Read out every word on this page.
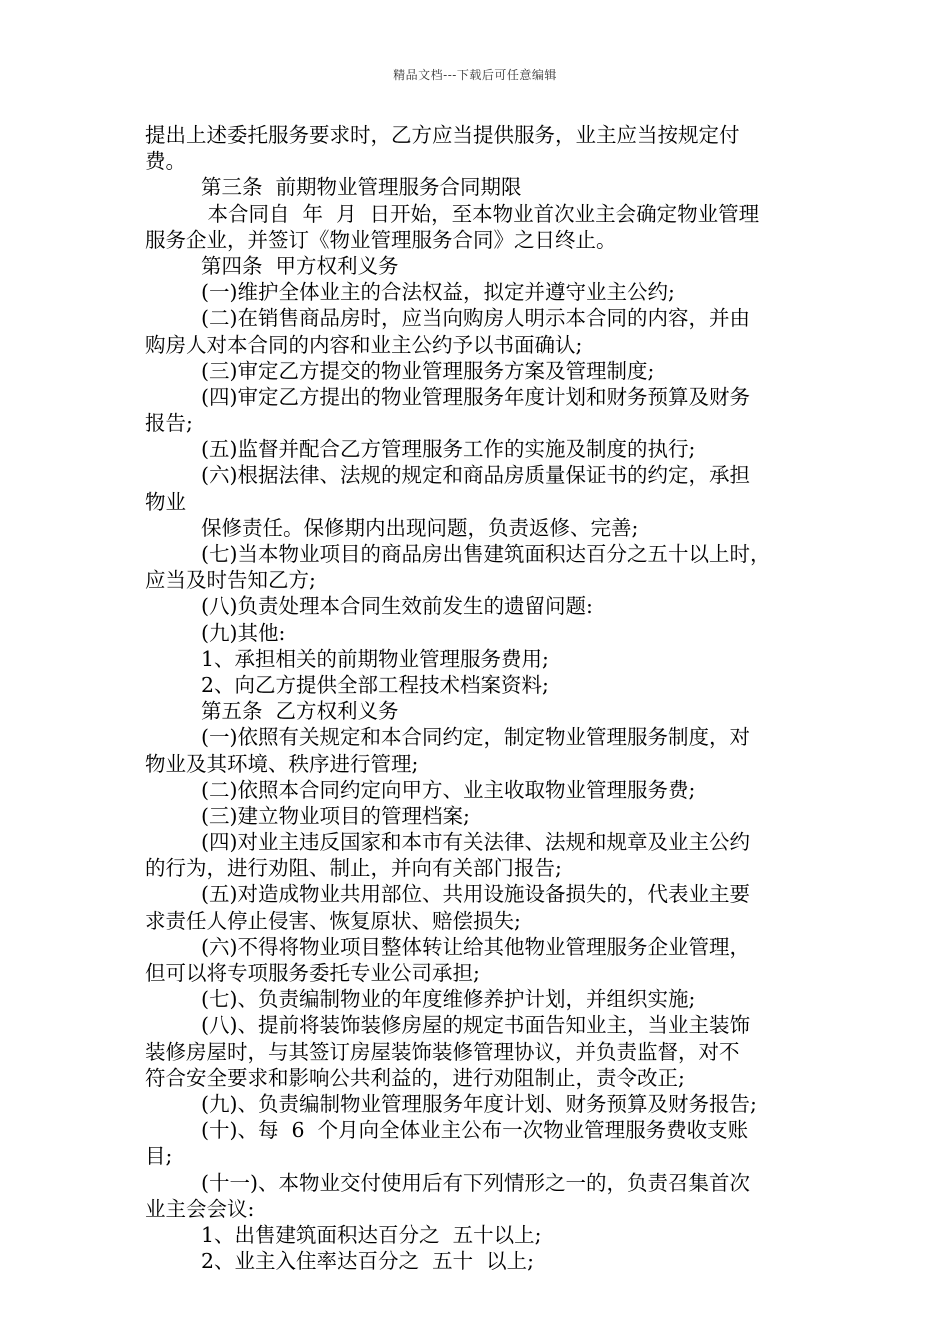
精品文档---下载后可任意编辑
提出上述委托服务要求时，乙方应当提供服务，业主应当按规定付
费。
第三条  前期物业管理服务合同期限
本合同自  年  月  日开始，至本物业首次业主会确定物业管理
服务企业，并签订《物业管理服务合同》之日终止。
第四条  甲方权利义务
(一)维护全体业主的合法权益，拟定并遵守业主公约;
(二)在销售商品房时，应当向购房人明示本合同的内容，并由
购房人对本合同的内容和业主公约予以书面确认;
(三)审定乙方提交的物业管理服务方案及管理制度;
(四)审定乙方提出的物业管理服务年度计划和财务预算及财务
报告;
(五)监督并配合乙方管理服务工作的实施及制度的执行;
(六)根据法律、法规的规定和商品房质量保证书的约定，承担
物业
保修责任。保修期内出现问题，负责返修、完善;
(七)当本物业项目的商品房出售建筑面积达百分之五十以上时，
应当及时告知乙方;
(八)负责处理本合同生效前发生的遗留问题:
(九)其他:
1、承担相关的前期物业管理服务费用;
2、向乙方提供全部工程技术档案资料;
第五条  乙方权利义务
(一)依照有关规定和本合同约定，制定物业管理服务制度，对
物业及其环境、秩序进行管理;
(二)依照本合同约定向甲方、业主收取物业管理服务费;
(三)建立物业项目的管理档案;
(四)对业主违反国家和本市有关法律、法规和规章及业主公约
的行为，进行劝阻、制止，并向有关部门报告;
(五)对造成物业共用部位、共用设施设备损失的，代表业主要
求责任人停止侵害、恢复原状、赔偿损失;
(六)不得将物业项目整体转让给其他物业管理服务企业管理，
但可以将专项服务委托专业公司承担;
(七)、负责编制物业的年度维修养护计划，并组织实施;
(八)、提前将装饰装修房屋的规定书面告知业主，当业主装饰
装修房屋时，与其签订房屋装饰装修管理协议，并负责监督，对不
符合安全要求和影响公共利益的，进行劝阻制止，责令改正;
(九)、负责编制物业管理服务年度计划、财务预算及财务报告;
(十)、每  6  个月向全体业主公布一次物业管理服务费收支账
目;
(十一)、本物业交付使用后有下列情形之一的，负责召集首次
业主会会议:
1、出售建筑面积达百分之  五十以上;
2、业主入住率达百分之  五十  以上;
